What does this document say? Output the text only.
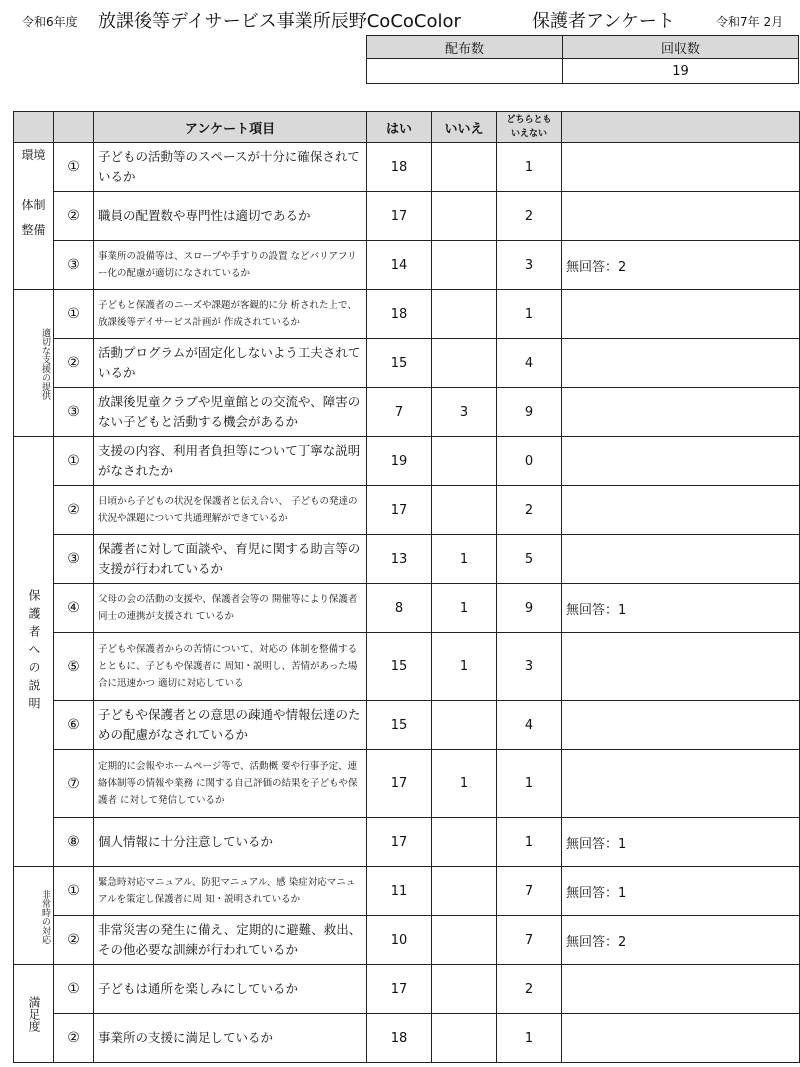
令和6年度 放課後等デイサービス事業所辰野CoCoColor	保護者アンケート	令和7年 2月
配布数	回収数
	19
		アンケート項目	はい	いいえ	どちらとも
いえない	
環境

体制
整備	①	子どもの活動等のスペースが十分に確保されているか	18		1	
	②	職員の配置数や専門性は適切であるか	17		2	
	③	事業所の設備等は、スロープや手すりの設置 などバリアフリー化の配慮が適切になされているか	14		3	無回答：2
適切な支援の提供	①	子どもと保護者のニーズや課題が客観的に分 析された上で、放課後等デイサービス計画が 作成されているか	18		1	
	②	活動プログラムが固定化しないよう工夫されているか	15		4	
	③	放課後児童クラブや児童館との交流や、障害のない子どもと活動する機会があるか	7	3	9	
保護者への説明	①	支援の内容、利用者負担等について丁寧な説明がなされたか	19		0	
	②	日頃から子どもの状況を保護者と伝え合い、 子どもの発達の状況や課題について共通理解ができているか	17		2	
	③	保護者に対して面談や、育児に関する助言等の支援が行われているか	13	1	5	
	④	父母の会の活動の支援や、保護者会等の 開催等により保護者同士の連携が支援され ているか	8	1	9	無回答：1
	⑤	子どもや保護者からの苦情について、対応の 体制を整備するとともに、子どもや保護者に 周知・説明し、苦情があった場合に迅速かつ 適切に対応している	15	1	3	
	⑥	子どもや保護者との意思の疎通や情報伝達のための配慮がなされているか	15		4	
	⑦	定期的に会報やホームページ等で、活動概 要や行事予定、連絡体制等の情報や業務 に関する自己評価の結果を子どもや保護者 に対して発信しているか	17	1	1	
	⑧	個人情報に十分注意しているか	17		1	無回答：1
非常時の対応	①	緊急時対応マニュアル、防犯マニュアル、感 染症対応マニュアルを策定し保護者に周 知・説明されているか	11		7	無回答：1
	②	非常災害の発生に備え、定期的に避難、救出、その他必要な訓練が行われているか	10		7	無回答：2
満足度	①	子どもは通所を楽しみにしているか	17		2	
	②	事業所の支援に満足しているか	18		1	
